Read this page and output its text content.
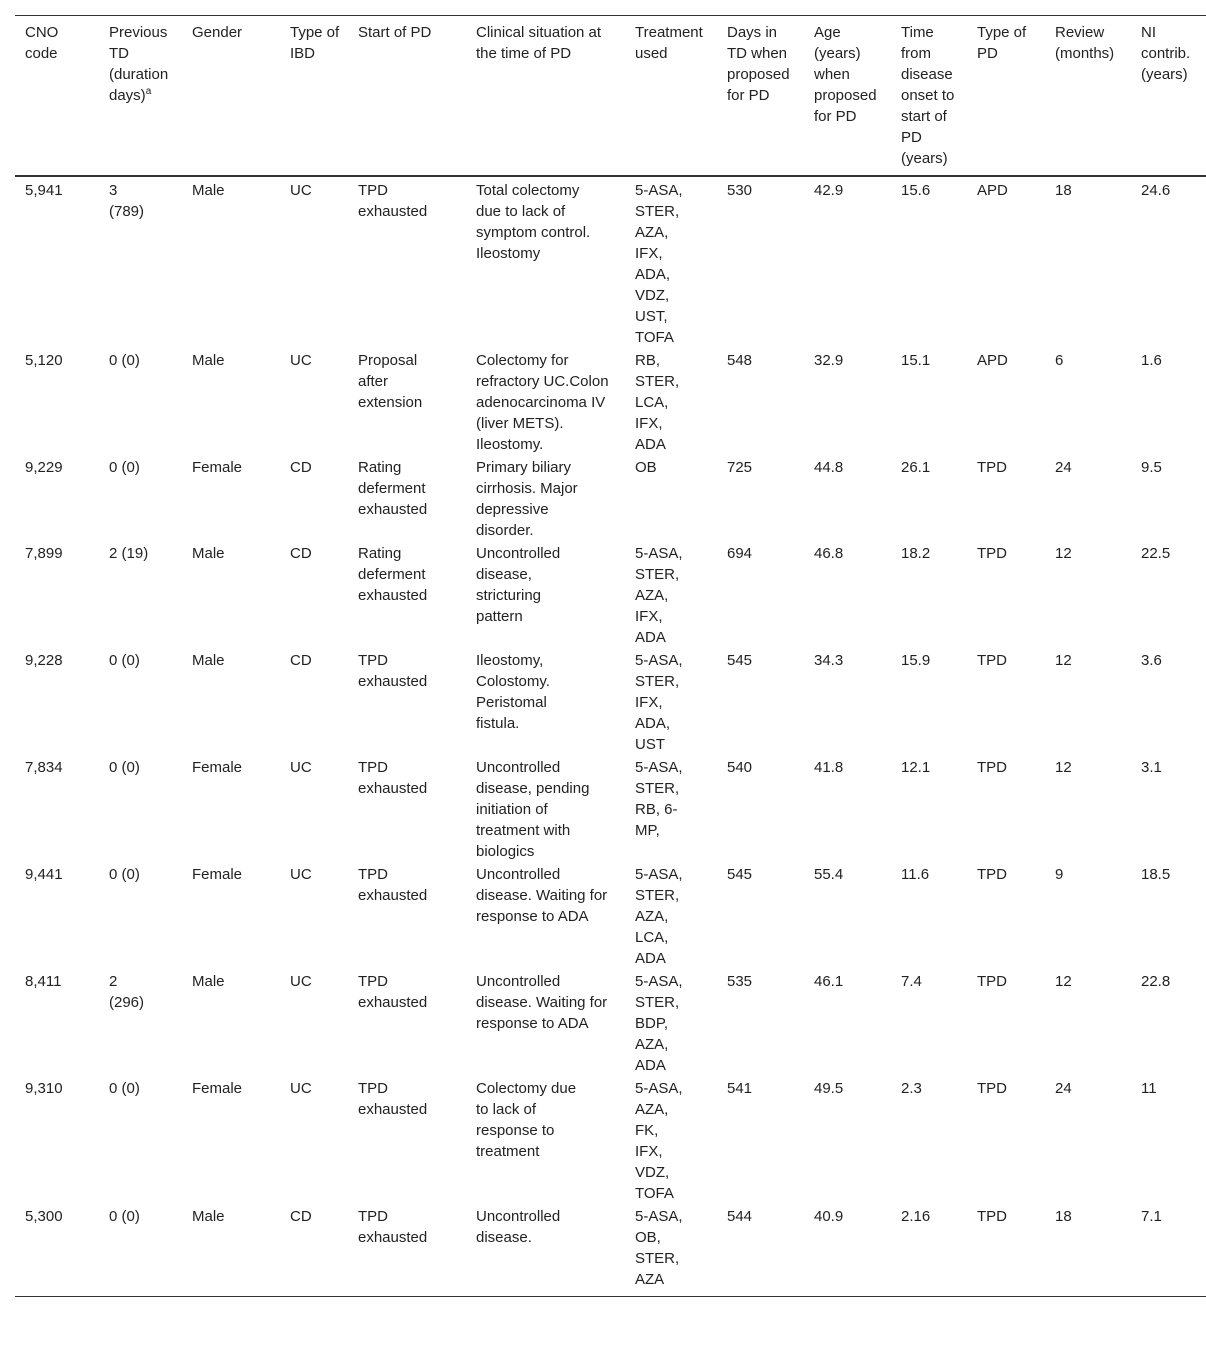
CNO code	Previous TD (duration days)$^a$	Gender	Type of IBD	Start of PD	Clinical situation at the time of PD	Treatment used	Days in TD when proposed for PD	Age (years) when proposed for PD	Time from disease onset to start of PD (years)	Type of PD	Review (months)	NI contrib. (years)
5,941	3 (789)	Male	UC	TPD exhausted	Total colectomy due to lack of symptom control. Ileostomy	5-ASA, STER, AZA, IFX, ADA, VDZ, UST, TOFA	530	42.9	15.6	APD	18	24.6
5,120	0 (0)	Male	UC	Proposal after extension	Colectomy for refractory UC.Colon adenocarcinoma IV (liver METS). Ileostomy.	RB, STER, LCA, IFX, ADA	548	32.9	15.1	APD	6	1.6
9,229	0 (0)	Female	CD	Rating deferment exhausted	Primary biliary cirrhosis. Major depressive disorder.	OB	725	44.8	26.1	TPD	24	9.5
7,899	2 (19)	Male	CD	Rating deferment exhausted	Uncontrolled disease, stricturing pattern	5-ASA, STER, AZA, IFX, ADA	694	46.8	18.2	TPD	12	22.5
9,228	0 (0)	Male	CD	TPD exhausted	Ileostomy, Colostomy. Peristomal fistula.	5-ASA, STER, IFX, ADA, UST	545	34.3	15.9	TPD	12	3.6
7,834	0 (0)	Female	UC	TPD exhausted	Uncontrolled disease, pending initiation of treatment with biologics	5-ASA, STER, RB, 6-MP,	540	41.8	12.1	TPD	12	3.1
9,441	0 (0)	Female	UC	TPD exhausted	Uncontrolled disease. Waiting for response to ADA	5-ASA, STER, AZA, LCA, ADA	545	55.4	11.6	TPD	9	18.5
8,411	2 (296)	Male	UC	TPD exhausted	Uncontrolled disease. Waiting for response to ADA	5-ASA, STER, BDP, AZA, ADA	535	46.1	7.4	TPD	12	22.8
9,310	0 (0)	Female	UC	TPD exhausted	Colectomy due to lack of response to treatment	5-ASA, AZA, FK, IFX, VDZ, TOFA	541	49.5	2.3	TPD	24	11
5,300	0 (0)	Male	CD	TPD exhausted	Uncontrolled disease.	5-ASA, OB, STER, AZA	544	40.9	2.16	TPD	18	7.1
